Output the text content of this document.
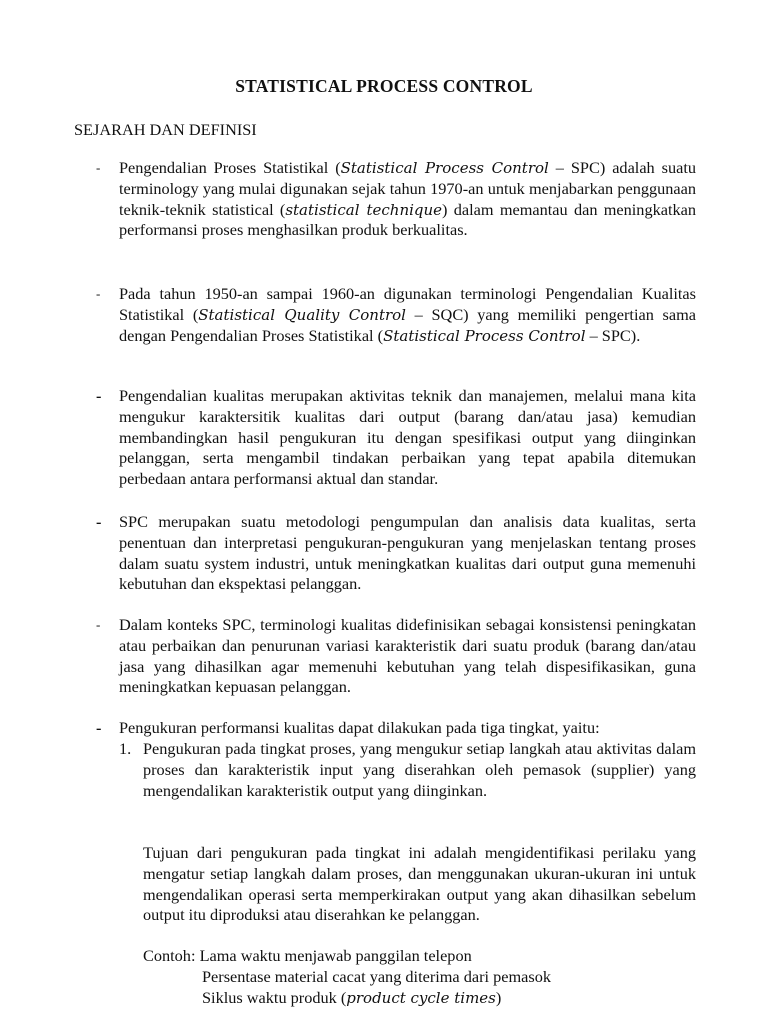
STATISTICAL PROCESS CONTROL
SEJARAH DAN DEFINISI
-	Pengendalian Proses Statistikal (Statistical Process Control – SPC) adalah suatu terminology yang mulai digunakan sejak tahun 1970-an untuk menjabarkan penggunaan teknik-teknik statistical (statistical technique) dalam memantau dan meningkatkan performansi proses menghasilkan produk berkualitas.
-	Pada tahun 1950-an sampai 1960-an digunakan terminologi Pengendalian Kualitas Statistikal (Statistical Quality Control – SQC) yang memiliki pengertian sama dengan Pengendalian Proses Statistikal (Statistical Process Control – SPC).
-	Pengendalian kualitas merupakan aktivitas teknik dan manajemen, melalui mana kita mengukur karaktersitik kualitas dari output (barang dan/atau jasa) kemudian membandingkan hasil pengukuran itu dengan spesifikasi output yang diinginkan pelanggan, serta mengambil tindakan perbaikan yang tepat apabila ditemukan perbedaan antara performansi aktual dan standar.
-	SPC merupakan suatu metodologi pengumpulan dan analisis data kualitas, serta penentuan dan interpretasi pengukuran-pengukuran yang menjelaskan tentang proses dalam suatu system industri, untuk meningkatkan kualitas dari output guna memenuhi kebutuhan dan ekspektasi pelanggan.
-	Dalam konteks SPC, terminologi kualitas didefinisikan sebagai konsistensi peningkatan atau perbaikan dan penurunan variasi karakteristik dari suatu produk (barang dan/atau jasa yang dihasilkan agar memenuhi kebutuhan yang telah dispesifikasikan, guna meningkatkan kepuasan pelanggan.
-	Pengukuran performansi kualitas dapat dilakukan pada tiga tingkat, yaitu:
1. Pengukuran pada tingkat proses, yang mengukur setiap langkah atau aktivitas dalam proses dan karakteristik input yang diserahkan oleh pemasok (supplier) yang mengendalikan karakteristik output yang diinginkan.
Tujuan dari pengukuran pada tingkat ini adalah mengidentifikasi perilaku yang mengatur setiap langkah dalam proses, dan menggunakan ukuran-ukuran ini untuk mengendalikan operasi serta memperkirakan output yang akan dihasilkan sebelum output itu diproduksi atau diserahkan ke pelanggan.
Contoh: Lama waktu menjawab panggilan telepon
Persentase material cacat yang diterima dari pemasok
Siklus waktu produk (product cycle times)
